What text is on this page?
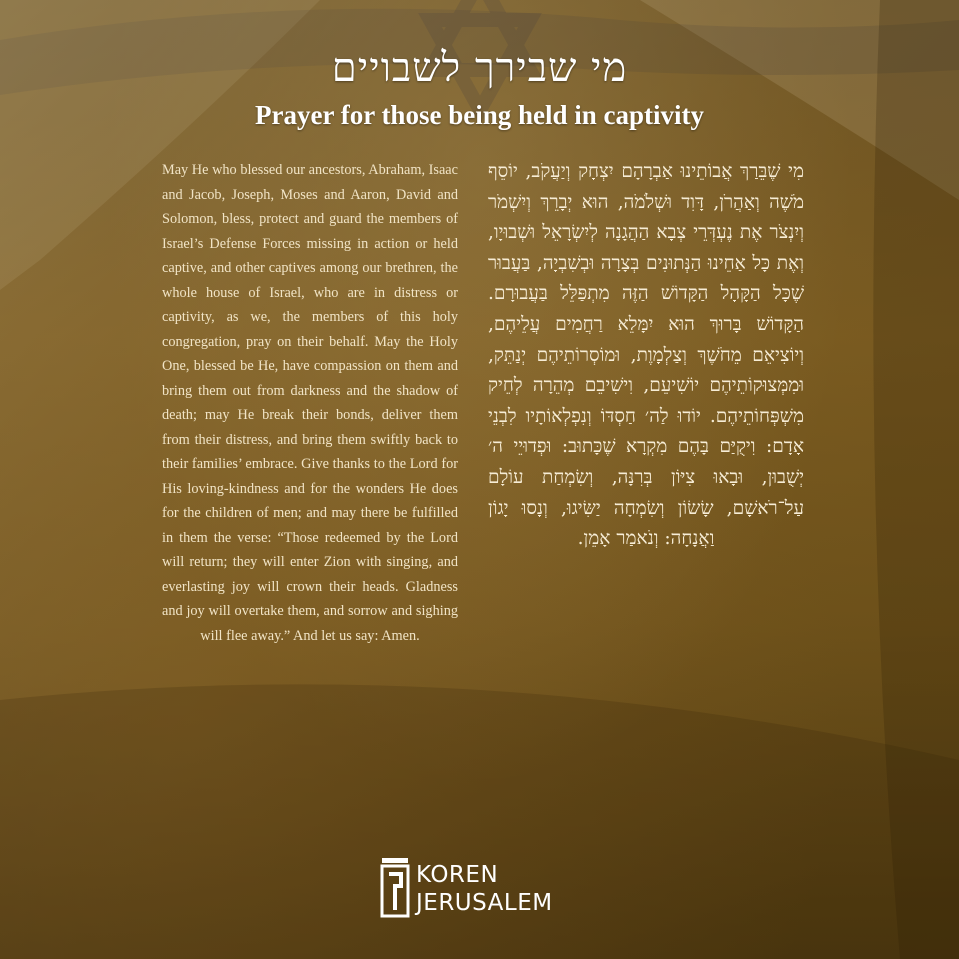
מי שבירך לשבויים
Prayer for those being held in captivity

May He who blessed our ancestors, Abraham, Isaac and Jacob, Joseph, Moses and Aaron, David and Solomon, bless, protect and guard the members of Israel’s Defense Forces missing in action or held captive, and other captives among our brethren, the whole house of Israel, who are in distress or captivity, as we, the members of this holy congregation, pray on their behalf. May the Holy One, blessed be He, have compassion on them and bring them out from darkness and the shadow of death; may He break their bonds, deliver them from their distress, and bring them swiftly back to their families’ embrace. Give thanks to the Lord for His loving-kindness and for the wonders He does for the children of men; and may there be fulfilled in them the verse: “Those redeemed by the Lord will return; they will enter Zion with singing, and everlasting joy will crown their heads. Gladness and joy will overtake them, and sorrow and sighing will flee away.” And let us say: Amen.

מִי שֶׁבֵּרַךְ אֲבוֹתֵינוּ אַבְרָהָם יִצְחָק וְיַעֲקֹב, יוֹסֵף מֹשֶׁה וְאַהֲרֹן, דָּוִד וּשְׁלֹמֹה, הוּא יְבָרֵךְ וְיִשְׁמֹר וְיִנְצֹר אֶת נֶעְדְּרֵי צְבָא הַהֲגָנָה לְיִשְׂרָאֵל וּשְׁבוּיָו, וְאֶת כָּל אַחֵינוּ הַנְּתוּנִים בְּצָרָה וּבְשִׁבְיָה, בַּעֲבוּר שֶׁכָּל הַקָּהָל הַקָּדוֹשׁ הַזֶּה מִתְפַּלֵּל בַּעֲבוּרָם. הַקָּדוֹשׁ בָּרוּךְ הוּא יִמָּלֵא רַחֲמִים עֲלֵיהֶם, וְיוֹצִיאֵם מֵחֹשֶׁךְ וְצַלְמָוֶת, וּמוֹסְרוֹתֵיהֶם יְנַתֵּק, וּמִמְּצוּקוֹתֵיהֶם יוֹשִׁיעֵם, וִישִׁיבֵם מְהֵרָה לְחֵיק מִשְׁפְּחוֹתֵיהֶם. יוֹדוּ לַה׳ חַסְדּוֹ וְנִפְלְאוֹתָיו לִבְנֵי אָדָם: וִיקֻיַּם בָּהֶם מִקְרָא שֶׁכָּתוּב: וּפְדוּיֵי ה׳ יְשֻׁבוּן, וּבָאוּ צִיּוֹן בְּרִנָּה, וְשִׂמְחַת עוֹלָם עַל־רֹאשָׁם, שָׂשׂוֹן וְשִׂמְחָה יַשִּׂיגוּ, וְנָסוּ יָגוֹן וַאֲנָחָה: וְנֹאמַר אָמֵן.

KOREN
JERUSALEM
